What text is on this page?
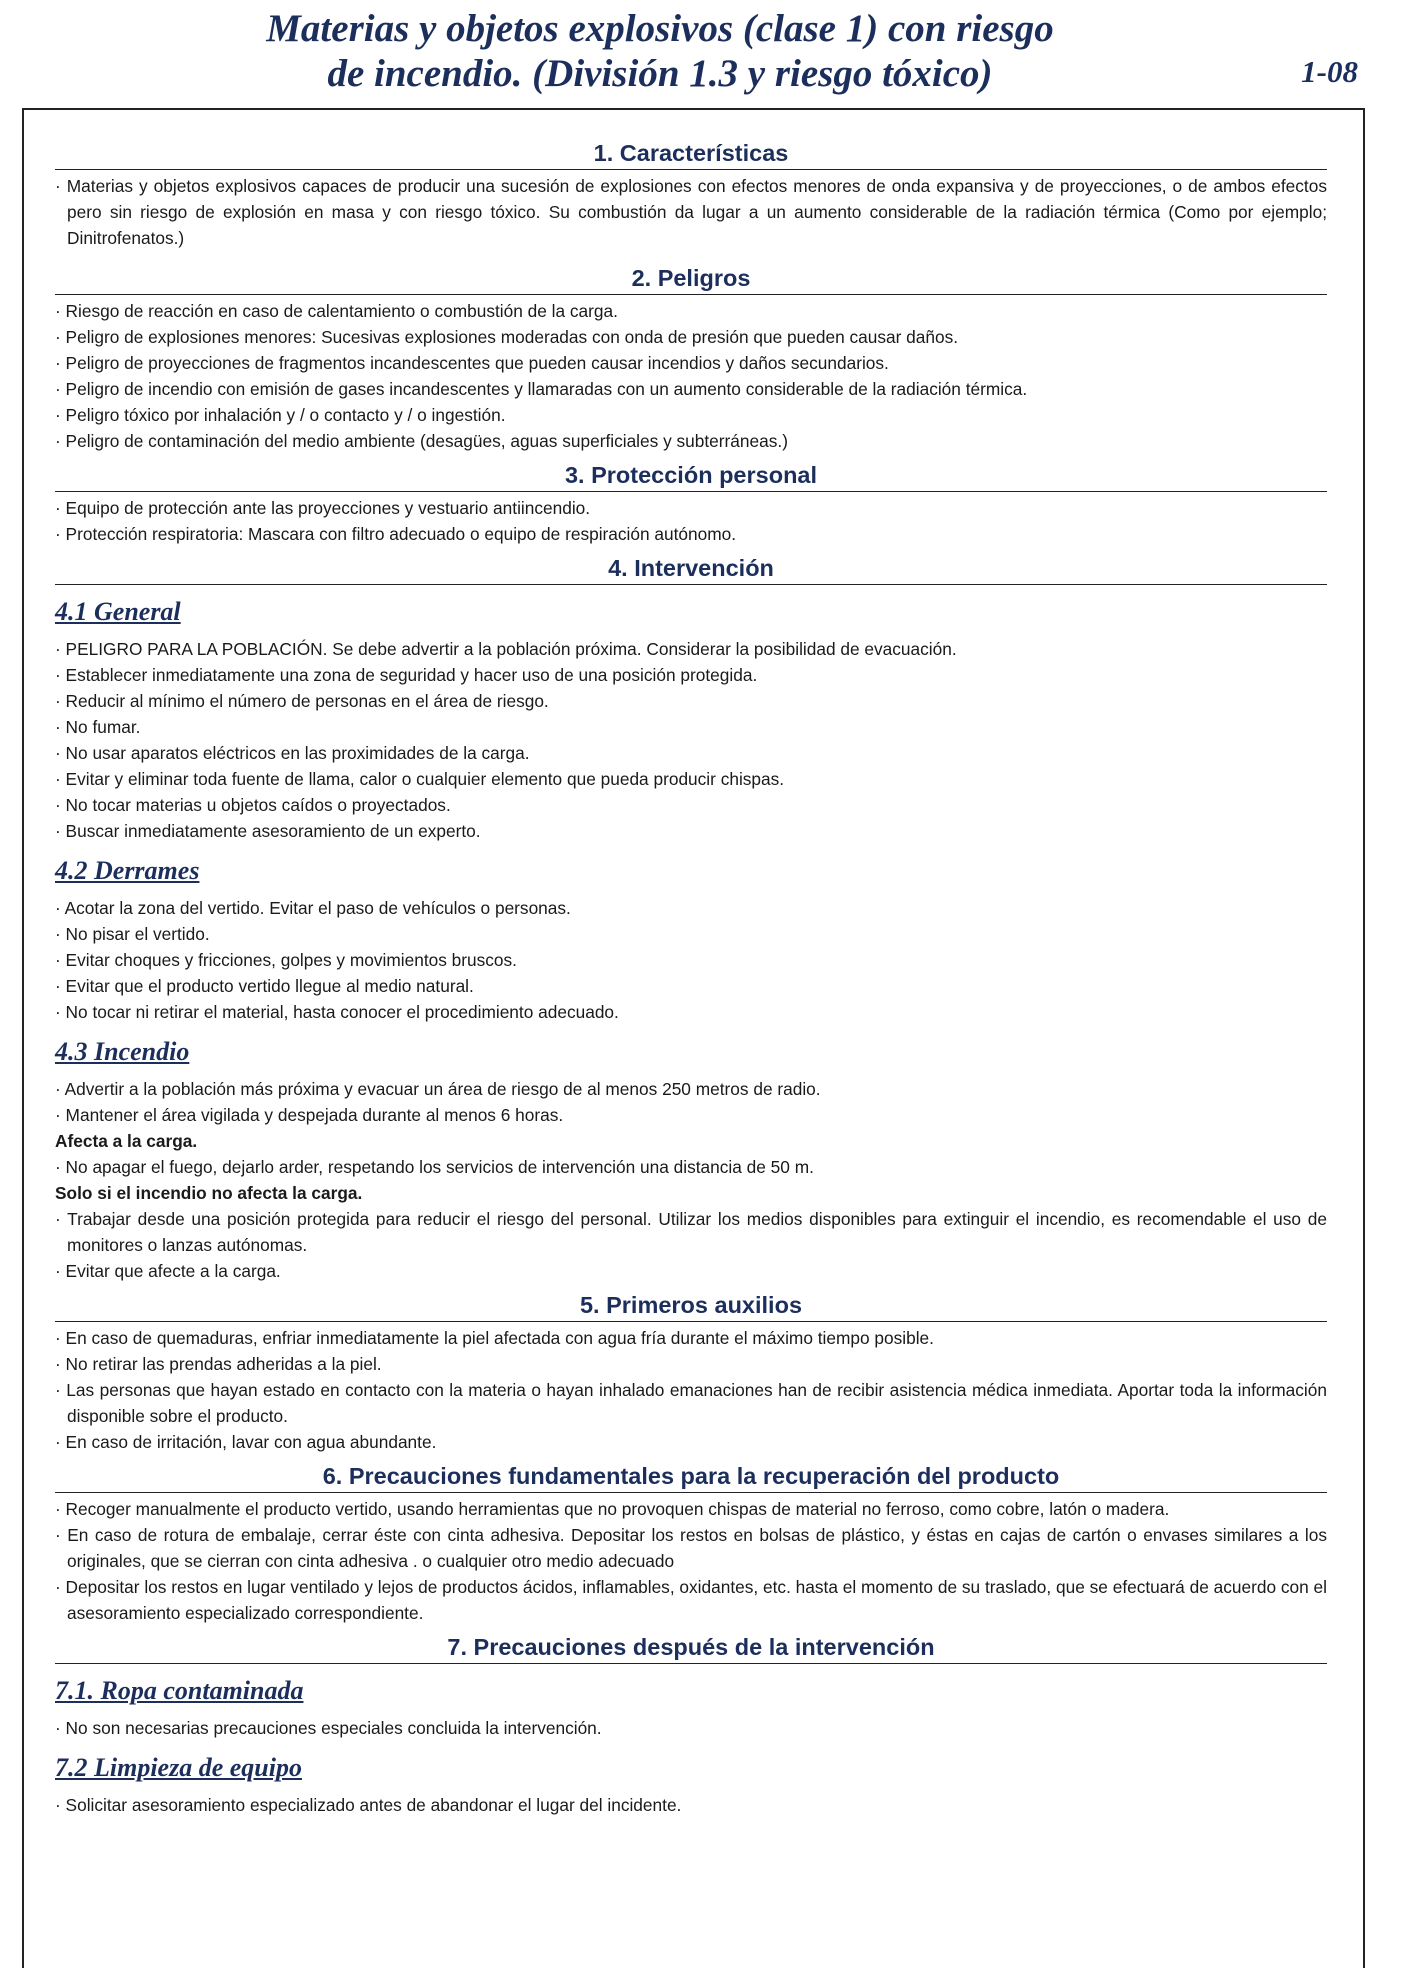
Materias y objetos explosivos (clase 1) con riesgo
de incendio. (División 1.3 y riesgo tóxico)	1-08
1. Características

· Materias y objetos explosivos capaces de producir una sucesión de explosiones con efectos menores de onda expansiva y de proyecciones, o de ambos efectos pero sin riesgo de explosión en masa y con riesgo tóxico. Su combustión da lugar a un aumento considerable de la radiación térmica (Como por ejemplo; Dinitrofenatos.)

2. Peligros

· Riesgo de reacción en caso de calentamiento o combustión de la carga.

· Peligro de explosiones menores: Sucesivas explosiones moderadas con onda de presión que pueden causar daños.

· Peligro de proyecciones de fragmentos incandescentes que pueden causar incendios y daños secundarios.

· Peligro de incendio con emisión de gases incandescentes y llamaradas con un aumento considerable de la radiación térmica.

· Peligro tóxico por inhalación y / o contacto y / o ingestión.

· Peligro de contaminación del medio ambiente (desagües, aguas superficiales y subterráneas.)

3. Protección personal

· Equipo de protección ante las proyecciones y vestuario antiincendio.

· Protección respiratoria: Mascara con filtro adecuado o equipo de respiración autónomo.

4. Intervención
4.1 General

· PELIGRO PARA LA POBLACIÓN. Se debe advertir a la población próxima. Considerar la posibilidad de evacuación.

· Establecer inmediatamente una zona de seguridad y hacer uso de una posición protegida.

· Reducir al mínimo el número de personas en el área de riesgo.

· No fumar.

· No usar aparatos eléctricos en las proximidades de la carga.

· Evitar y eliminar toda fuente de llama, calor o cualquier elemento que pueda producir chispas.

· No tocar materias u objetos caídos o proyectados.

· Buscar inmediatamente asesoramiento de un experto.

4.2 Derrames

· Acotar la zona del vertido. Evitar el paso de vehículos o personas.

· No pisar el vertido.

· Evitar choques y fricciones, golpes y movimientos bruscos.

· Evitar que el producto vertido llegue al medio natural.

· No tocar ni retirar el material, hasta conocer el procedimiento adecuado.

4.3 Incendio

· Advertir a la población más próxima y evacuar un área de riesgo de al menos 250 metros de radio.

· Mantener el área vigilada y despejada durante al menos 6 horas.

Afecta a la carga.

· No apagar el fuego, dejarlo arder, respetando los servicios de intervención una distancia de 50 m.

Solo si el incendio no afecta la carga.

· Trabajar desde una posición protegida para reducir el riesgo del personal. Utilizar los medios disponibles para extinguir el incendio, es recomendable el uso de monitores o lanzas autónomas.

· Evitar que afecte a la carga.

5. Primeros auxilios

· En caso de quemaduras, enfriar inmediatamente la piel afectada con agua fría durante el máximo tiempo posible.

· No retirar las prendas adheridas a la piel.

· Las personas que hayan estado en contacto con la materia o hayan inhalado emanaciones han de recibir asistencia médica inmediata. Aportar toda la información disponible sobre el producto.

· En caso de irritación, lavar con agua abundante.

6. Precauciones fundamentales para la recuperación del producto

· Recoger manualmente el producto vertido, usando herramientas que no provoquen chispas de material no ferroso, como cobre, latón o madera.

· En caso de rotura de embalaje, cerrar éste con cinta adhesiva. Depositar los restos en bolsas de plástico, y éstas en cajas de cartón o envases similares a los originales, que se cierran con cinta adhesiva . o cualquier otro medio adecuado

· Depositar los restos en lugar ventilado y lejos de productos ácidos, inflamables, oxidantes, etc. hasta el momento de su traslado, que se efectuará de acuerdo con el asesoramiento especializado correspondiente.

7. Precauciones después de la intervención
7.1. Ropa contaminada

· No son necesarias precauciones especiales concluida la intervención.

7.2 Limpieza de equipo

· Solicitar asesoramiento especializado antes de abandonar el lugar del incidente.
